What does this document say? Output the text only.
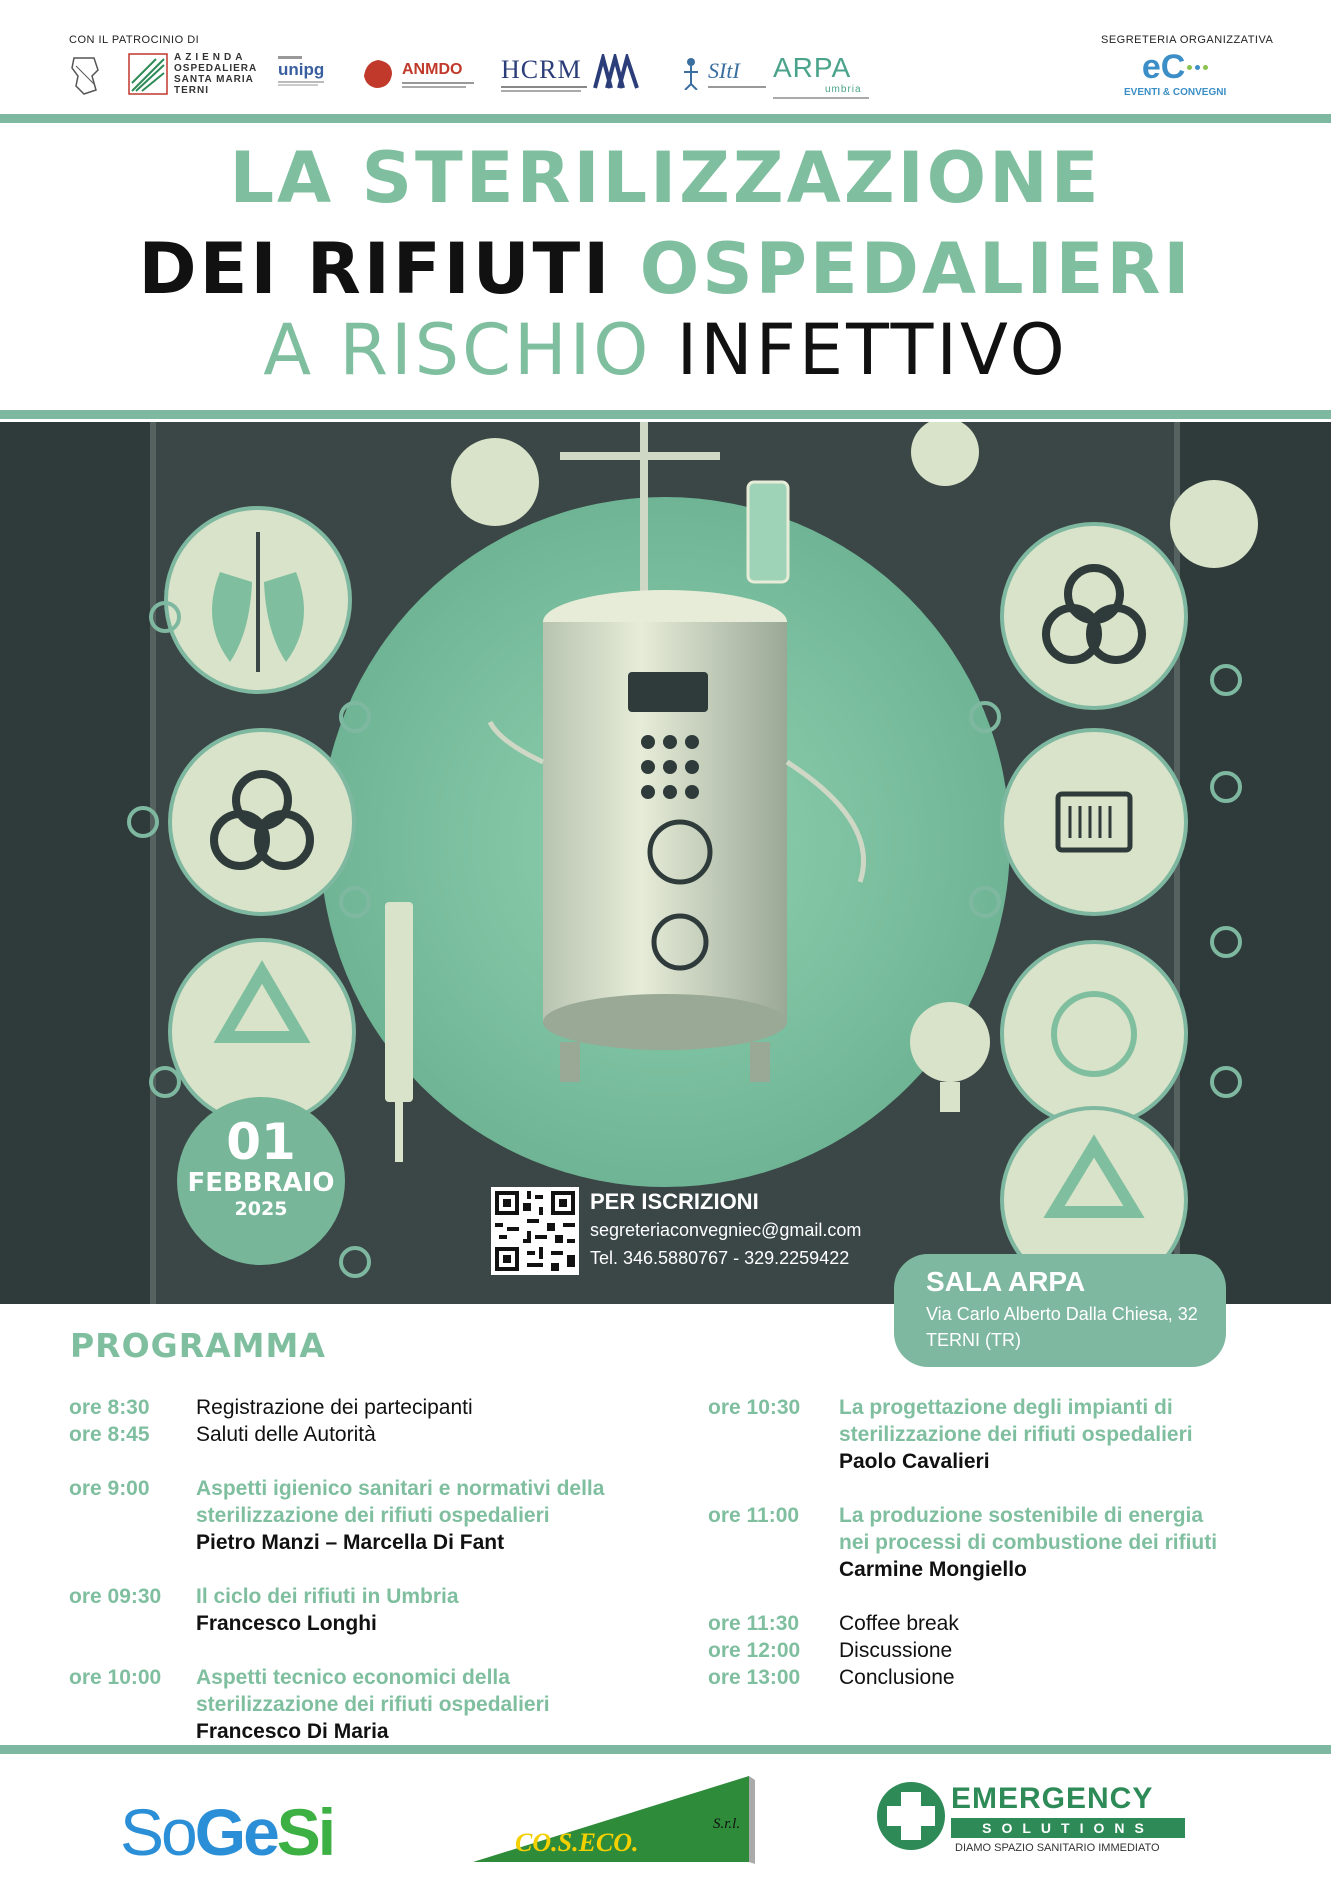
CON IL PATROCINIO DI	SEGRETERIA ORGANIZZATIVA
AZIENDA
OSPEDALIERA
SANTA MARIA
TERNI
unipg	ANMDO	HCRM	SItI	ARPA
umbria
eC
EVENTI & CONVEGNI
LA STERILIZZAZIONE
DEI RIFIUTI OSPEDALIERI
A RISCHIO INFETTIVO
01
FEBBRAIO
2025	PER ISCRIZIONI
segreteriaconvegniec@gmail.com
Tel. 346.5880767 - 329.2259422
SALA ARPA
Via Carlo Alberto Dalla Chiesa, 32
TERNI (TR)
PROGRAMMA
ore 8:30	Registrazione dei partecipanti
ore 8:45	Saluti delle Autorità
ore 9:00	Aspetti igienico sanitari e normativi della
sterilizzazione dei rifiuti ospedalieri
Pietro Manzi – Marcella Di Fant
ore 09:30	Il ciclo dei rifiuti in Umbria
Francesco Longhi
ore 10:00	Aspetti tecnico economici della
sterilizzazione dei rifiuti ospedalieri
Francesco Di Maria
ore 10:30	La progettazione degli impianti di
sterilizzazione dei rifiuti ospedalieri
Paolo Cavalieri
ore 11:00	La produzione sostenibile di energia
nei processi di combustione dei rifiuti
Carmine Mongiello
ore 11:30	Coffee break
ore 12:00	Discussione
ore 13:00	Conclusione
SoGeSi	CO.S.ECO.
S.r.l.
EMERGENCY
SOLUTIONS
DIAMO SPAZIO SANITARIO IMMEDIATO
